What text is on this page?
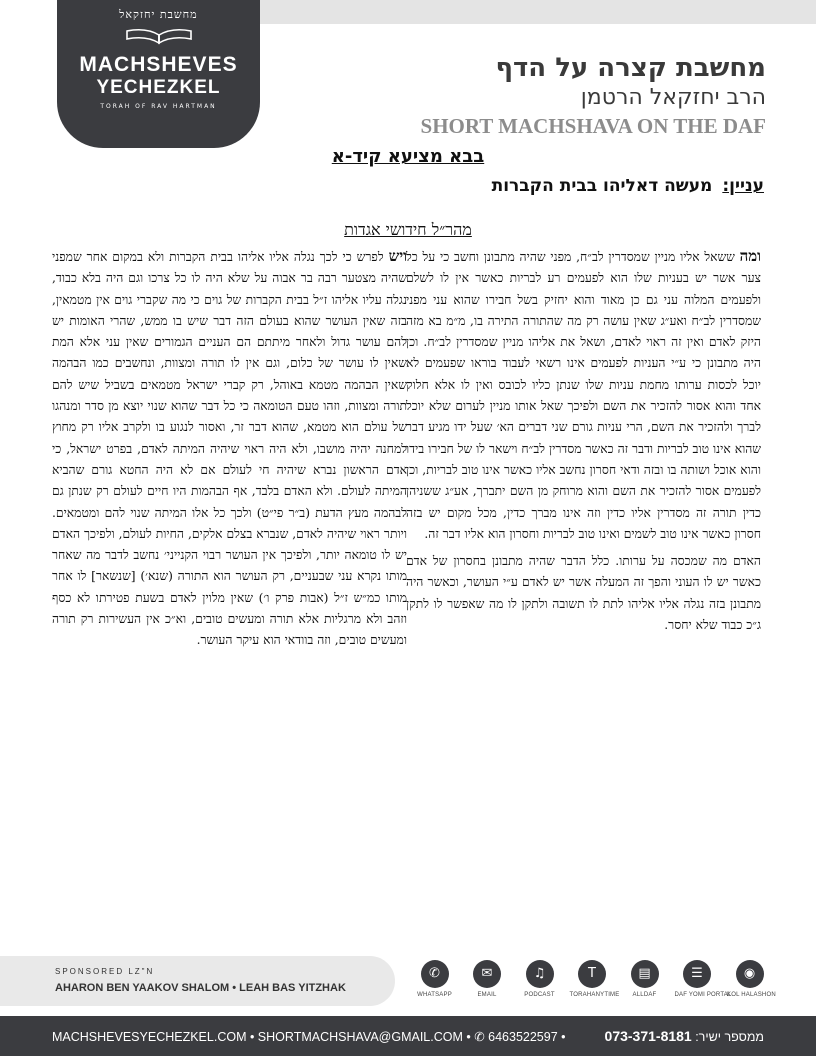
מחשבת יחזקאל
MACHSHEVES
YECHEZKEL
TORAH OF RAV HARTMAN
מחשבת קצרה על הדף
הרב יחזקאל הרטמן
SHORT MACHSHAVA ON THE DAF
בבא מציעא קיד-א
עניין:מעשה דאליהו בבית הקברות
מהר״ל חידושי אגדות

ומה ששאל אליו מניין שמסדרין לב״ח, מפני שהיה מתבונן וחשב כי על כל צער אשר יש בעניות שלו הוא לפעמים רע לבריות כאשר אין לו לשלם ולפעמים המלוה עני גם כן מאוד והוא יחזיק בשל חבירו שהוא עני מפני שמסדרין לב״ח ואע״ג שאין עושה רק מה שהתורה התירה בו, מ״מ בא מזה היזק לאדם ואין זה ראוי לאדם, ושאל את אליהו מניין שמסדרין לב״ח. וכן היה מתבונן כי ע״י העניות לפעמים אינו רשאי לעבוד בוראו שפעמים לא יוכל לכסות ערותו מחמת עניות שלו שנתן כליו לכובס ואין לו אלא חלוק אחד והוא אסור להזכיר את השם ולפיכך שאל אותו מניין לערום שלא יוכל לברך ולהזכיר את השם, הרי עניות גורם שני דברים הא׳ שעל ידו מגיע דבר שהוא אינו טוב לבריות ודבר זה כאשר מסדרין לב״ח וישאר לו של חבירו בידו והוא אוכל ושותה בו ובזה ודאי חסרון נחשב אליו כאשר אינו טוב לבריות, וכן לפעמים אסור להזכיר את השם והוא מרוחק מן השם יתברך, אע״ג ששניהן כדין תורה זה מסדרין אליו כדין וזה אינו מברך כדין, מכל מקום יש בזה חסרון כאשר אינו טוב לשמים ואינו טוב לבריות וחסרון הוא אליו דבר זה.

האדם מה שמכסה על ערותו. כלל הדבר שהיה מתבונן בחסרון של אדם כאשר יש לו העוני והפך זה המעלה אשר יש לאדם ע״י העושר, וכאשר היה מתבונן בזה נגלה אליו אליהו לתת לו תשובה ולתקן לו מה שאפשר לו לתקן ג״כ כבוד שלא יחסר.

ויש לפרש כי לכך נגלה אליו אליהו בבית הקברות ולא במקום אחר שמפני שהיה מצטער רבה בר אבוה על שלא היה לו כל צרכו וגם היה בלא כבוד, נגלה עליו אליהו ז״ל בבית הקברות של גוים כי מה שקברי גוים אין מטמאין, בזה שאין העושר שהוא בעולם הזה דבר שיש בו ממש, שהרי האומות יש להם עושר גדול ולאחר מיתתם הם העניים הגמורים שאין עני אלא המת שאין לו עושר של כלום, וגם אין לו תורה ומצוות, ונחשבים כמו הבהמה שאין הבהמה מטמא באוהל, רק קברי ישראל מטמאים בשביל שיש להם תורה ומצוות, וזהו טעם הטומאה כי כל דבר שהוא שנוי יוצא מן סדר ומנהגו של עולם הוא מטמא, שהוא דבר זר, ואסור לנגוע בו ולקרב אליו רק מחוץ למחנה יהיה מושבו, ולא היה ראוי שיהיה המיתה לאדם, בפרט ישראל, כי אדם הראשון נברא שיהיה חי לעולם אם לא היה החטא גורם שהביא המיתה לעולם. ולא האדם בלבד, אף הבהמות היו חיים לעולם רק שנתן גם לבהמה מעץ הדעת (ב״ר פי״ט) ולכך כל אלו המיתה שנוי להם ומטמאים. ויותר ראוי שיהיה לאדם, שנברא בצלם אלקים, החיות לעולם, ולפיכך האדם יש לו טומאה יותר, ולפיכך אין העושר רבוי הקנייני׳ נחשב לדבר מה שאחר מותו נקרא עני שבעניים, רק העושר הוא התורה (שנא׳) [שנשאר] לו אחר מותו כמ״ש ז״ל (אבות פרק ו׳) שאין מלוין לאדם בשעת פטירתו לא כסף וזהב ולא מרגליות אלא תורה ומעשים טובים, וא״כ אין העשירות רק תורה ומעשים טובים, וזה בוודאי הוא עיקר העושר.

SPONSORED LZ"N
AHARON BEN YAAKOV SHALOM • LEAH BAS YITZHAK
✆
WHATSAPP
✉
EMAIL
♫
PODCAST
T
TORAHANYTIME
▤
ALLDAF
☰
DAF YOMI PORTAL
◉
KOL HALASHON
MACHSHEVESYECHEZKEL.COM • SHORTMACHSHAVA@GMAIL.COM • ✆ 6463522597 •	ממספר ישיר: 073-371-8181
